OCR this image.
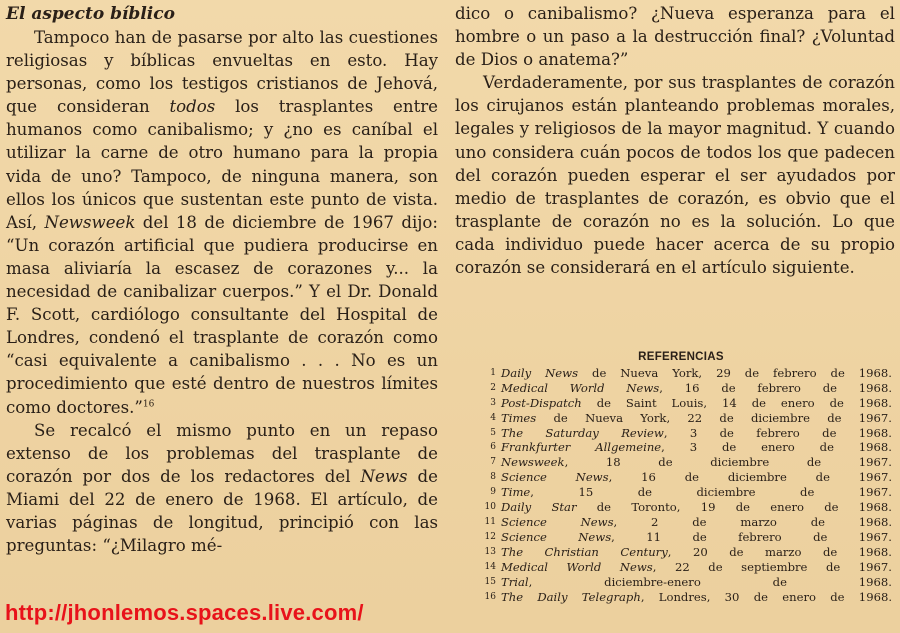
El aspecto bíblico

Tampoco han de pasarse por alto las cuestiones religiosas y bíblicas envueltas en esto. Hay personas, como los testigos cristianos de Jehová, que consideran todos los trasplantes entre humanos como canibalismo; y ¿no es caníbal el utilizar la carne de otro humano para la propia vida de uno? Tampoco, de ninguna manera, son ellos los únicos que sustentan este punto de vista. Así, Newsweek del 18 de diciembre de 1967 dijo: “Un corazón artificial que pudiera producirse en masa aliviaría la escasez de corazones y... la necesidad de canibalizar cuerpos.” Y el Dr. Donald F. Scott, cardiólogo consultante del Hospital de Londres, condenó el trasplante de corazón como “casi equivalente a canibalismo . . . No es un procedimiento que esté dentro de nuestros límites como doctores.”$^{16}$

Se recalcó el mismo punto en un repaso extenso de los problemas del trasplante de corazón por dos de los redactores del News de Miami del 22 de enero de 1968. El artículo, de varias páginas de longitud, principió con las preguntas: “¿Milagro mé-

dico o canibalismo? ¿Nueva esperanza para el hombre o un paso a la destrucción final? ¿Voluntad de Dios o anatema?”

Verdaderamente, por sus trasplantes de corazón los cirujanos están planteando problemas morales, legales y religiosos de la mayor magnitud. Y cuando uno considera cuán pocos de todos los que padecen del corazón pueden esperar el ser ayudados por medio de trasplantes de corazón, es obvio que el trasplante de corazón no es la solución. Lo que cada individuo puede hacer acerca de su propio corazón se considerará en el artículo siguiente.

REFERENCIAS
1 Daily News de Nueva York, 29 de febrero de 1968.
2 Medical World News, 16 de febrero de 1968.
3 Post-Dispatch de Saint Louis, 14 de enero de 1968.
4 Times de Nueva York, 22 de diciembre de 1967.
5 The Saturday Review, 3 de febrero de 1968.
6 Frankfurter Allgemeine, 3 de enero de 1968.
7 Newsweek, 18 de diciembre de 1967.
8 Science News, 16 de diciembre de 1967.
9 Time, 15 de diciembre de 1967.
10 Daily Star de Toronto, 19 de enero de 1968.
11 Science News, 2 de marzo de 1968.
12 Science News, 11 de febrero de 1967.
13 The Christian Century, 20 de marzo de 1968.
14 Medical World News, 22 de septiembre de 1967.
15 Trial, diciembre-enero de 1968.
16 The Daily Telegraph, Londres, 30 de enero de 1968.
http://jhonlemos.spaces.live.com/
